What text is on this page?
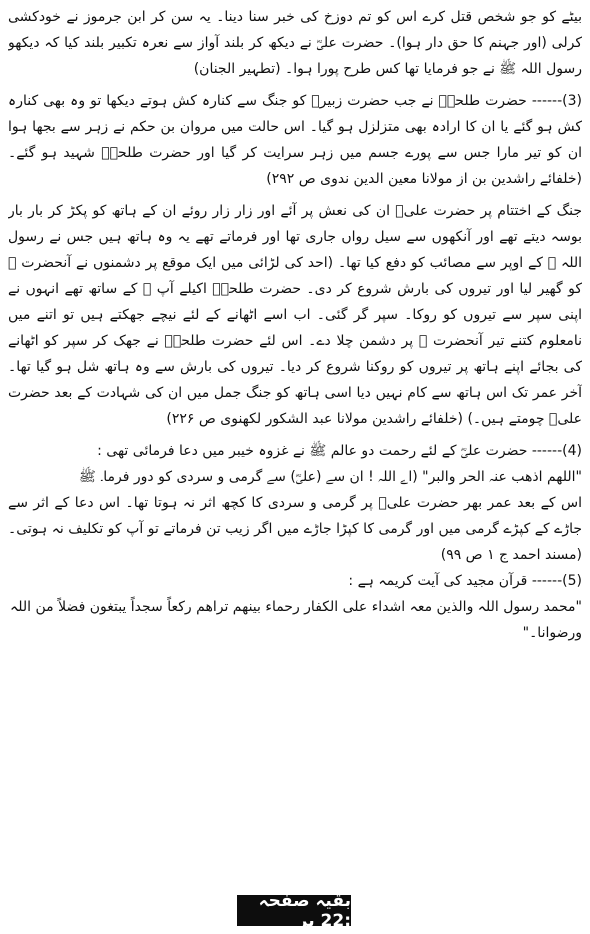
بیٹے کو جو شخص قتل کرے اس کو تم دوزخ کی خبر سنا دینا۔ یہ سن کر ابن جرموز نے خودکشی کرلی (اور جہنم کا حق دار ہوا)۔ حضرت علیؓ نے دیکھ کر بلند آواز سے نعرہ تکبیر بلند کیا کہ دیکھو رسول اللہ ﷺ نے جو فرمایا تھا کس طرح پورا ہوا۔ (تطہیر الجنان)

(3)------ حضرت طلحہؓ نے جب حضرت زبیرؓ کو جنگ سے کنارہ کش ہوتے دیکھا تو وہ بھی کنارہ کش ہو گئے یا ان کا ارادہ بھی متزلزل ہو گیا۔ اس حالت میں مروان بن حکم نے زہر سے بجھا ہوا ان کو تیر مارا جس سے پورے جسم میں زہر سرایت کر گیا اور حضرت طلحہؓ شہید ہو گئے۔ (خلفائے راشدین بن از مولانا معین الدین ندوی ص ۲۹۲)

جنگ کے اختتام پر حضرت علیؓ ان کی نعش پر آئے اور زار زار روئے ان کے ہاتھ کو پکڑ کر بار بار بوسہ دیتے تھے اور آنکھوں سے سیل رواں جاری تھا اور فرماتے تھے یہ وہ ہاتھ ہیں جس نے رسول اللہ ﷺ کے اوپر سے مصائب کو دفع کیا تھا۔ (احد کی لڑائی میں ایک موقع پر دشمنوں نے آنحضرت ﷺ کو گھیر لیا اور تیروں کی بارش شروع کر دی۔ حضرت طلحہؓ اکیلے آپ ﷺ کے ساتھ تھے انہوں نے اپنی سپر سے تیروں کو روکا۔ سپر گر گئی۔ اب اسے اٹھانے کے لئے نیچے جھکتے ہیں تو اتنے میں نامعلوم کتنے تیر آنحضرت ﷺ پر دشمن چلا دے۔ اس لئے حضرت طلحہؓ نے جھک کر سپر کو اٹھانے کی بجائے اپنے ہاتھ پر تیروں کو روکنا شروع کر دیا۔ تیروں کی بارش سے وہ ہاتھ شل ہو گیا تھا۔ آخر عمر تک اس ہاتھ سے کام نہیں دیا اسی ہاتھ کو جنگ جمل میں ان کی شہادت کے بعد حضرت علیؓ چومتے ہیں۔) (خلفائے راشدین مولانا عبد الشکور لکھنوی ص ۲۲۶)

(4)------ حضرت علیؓ کے لئے رحمت دو عالم ﷺ نے غزوہ خیبر میں دعا فرمائی تھی :

"اللھم اذھب عنہ الحر والبر" (اے اللہ ! ان سے (علیؓ) سے گرمی و سردی کو دور فرما۔ ﷺ

اس کے بعد عمر بھر حضرت علیؓ پر گرمی و سردی کا کچھ اثر نہ ہوتا تھا۔ اس دعا کے اثر سے جاڑے کے کپڑے گرمی میں اور گرمی کا کپڑا جاڑے میں اگر زیب تن فرماتے تو آپ کو تکلیف نہ ہوتی۔ (مسند احمد ج ۱ ص ۹۹)

(5)------ قرآن مجید کی آیت کریمہ ہے :

"محمد رسول اللہ والذین معہ اشداء علی الکفار رحماء بینھم تراھم رکعاً سجداً یبتغون فضلاً من اللہ ورضوانا۔"

بقیہ صفحہ :22 پر
